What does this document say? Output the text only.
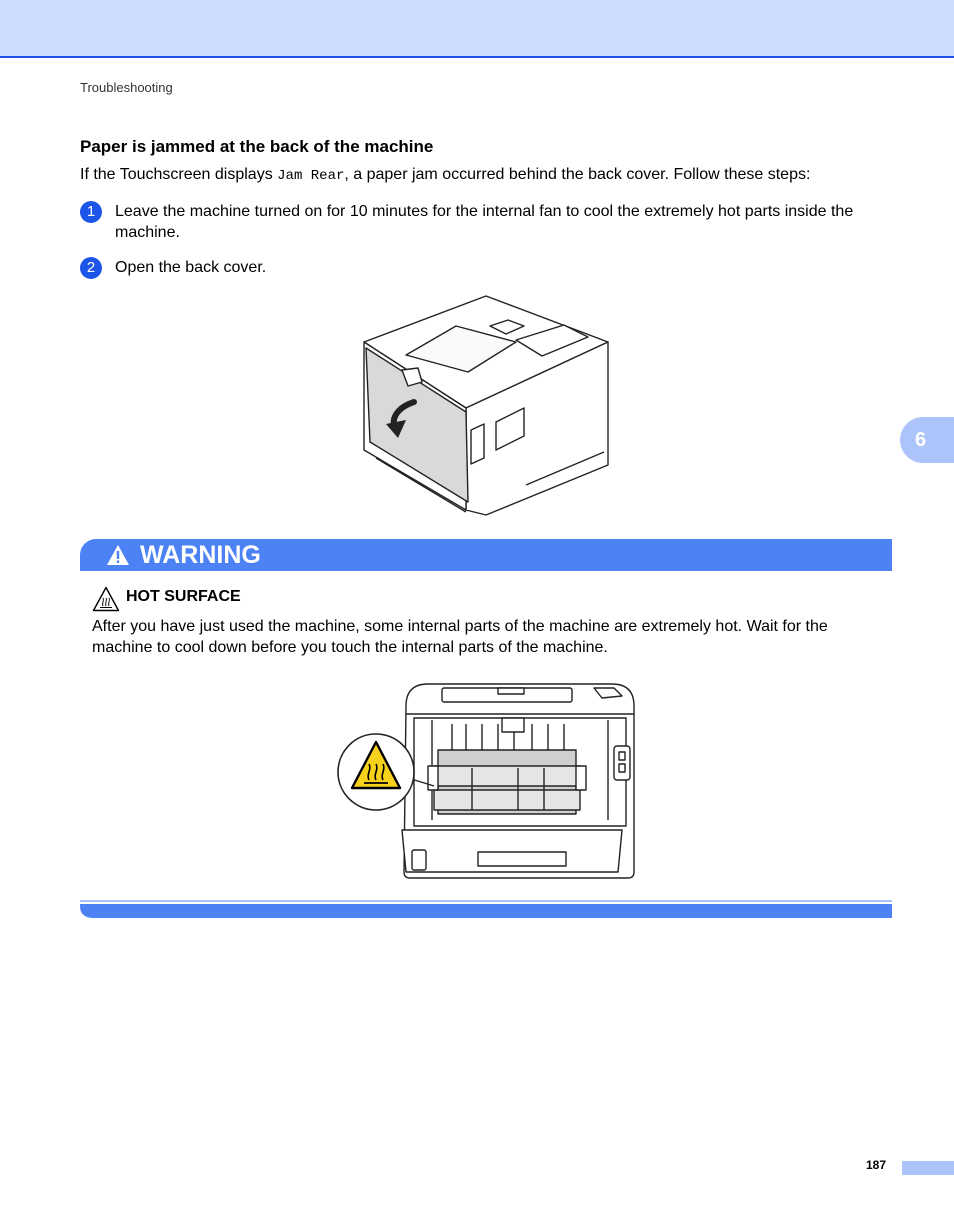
Troubleshooting
Paper is jammed at the back of the machine
If the Touchscreen displays Jam Rear, a paper jam occurred behind the back cover. Follow these steps:
1	Leave the machine turned on for 10 minutes for the internal fan to cool the extremely hot parts inside the machine.
2	Open the back cover.
6
WARNING
HOT SURFACE
After you have just used the machine, some internal parts of the machine are extremely hot. Wait for the machine to cool down before you touch the internal parts of the machine.
187
